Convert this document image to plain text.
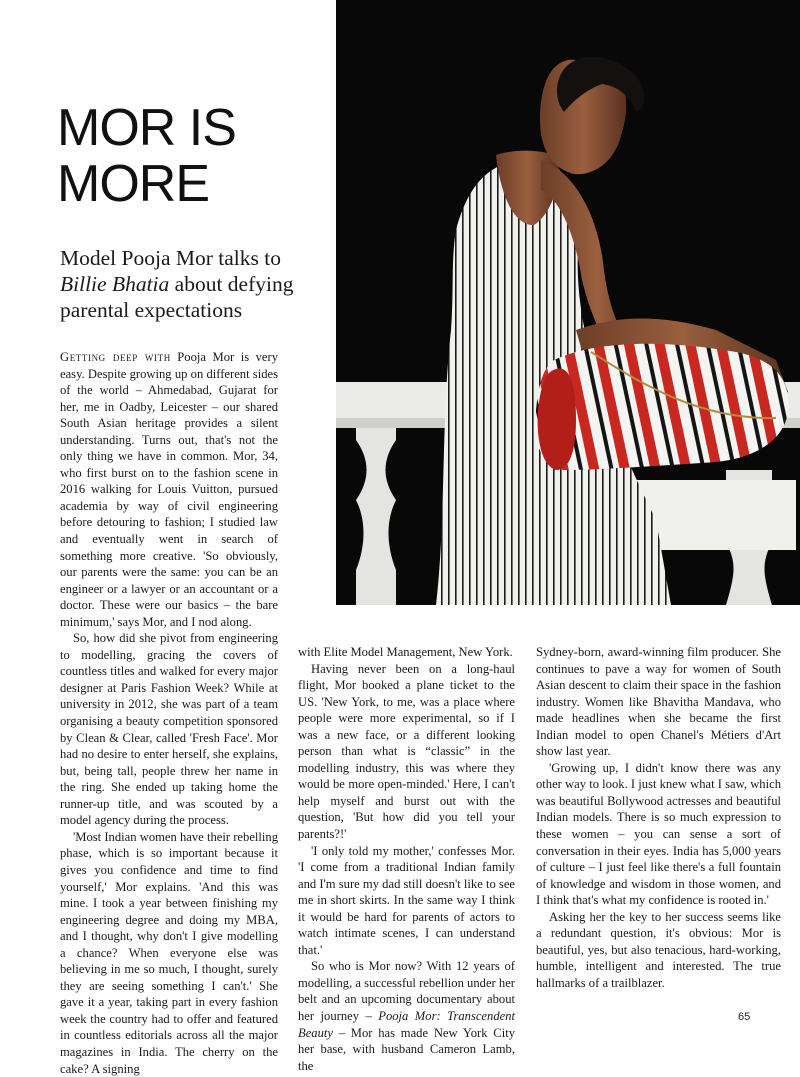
MOR IS
MORE
Model Pooja Mor talks to Billie Bhatia about defying parental expectations

Getting deep with Pooja Mor is very easy. Despite growing up on different sides of the world – Ahmedabad, Gujarat for her, me in Oadby, Leicester – our shared South Asian heritage provides a silent understanding. Turns out, that's not the only thing we have in common. Mor, 34, who first burst on to the fashion scene in 2016 walking for Louis Vuitton, pursued academia by way of civil engineering before detouring to fashion; I studied law and eventually went in search of something more creative. 'So obviously, our parents were the same: you can be an engineer or a lawyer or an accountant or a doctor. These were our basics – the bare minimum,' says Mor, and I nod along.

So, how did she pivot from engineering to modelling, gracing the covers of countless titles and walked for every major designer at Paris Fashion Week? While at university in 2012, she was part of a team organising a beauty competition sponsored by Clean & Clear, called 'Fresh Face'. Mor had no desire to enter herself, she explains, but, being tall, people threw her name in the ring. She ended up taking home the runner-up title, and was scouted by a model agency during the process.

'Most Indian women have their rebelling phase, which is so important because it gives you confidence and time to find yourself,' Mor explains. 'And this was mine. I took a year between finishing my engineering degree and doing my MBA, and I thought, why don't I give modelling a chance? When everyone else was believing in me so much, I thought, surely they are seeing something I can't.' She gave it a year, taking part in every fashion week the country had to offer and featured in countless editorials across all the major magazines in India. The cherry on the cake? A signing

with Elite Model Management, New York.

Having never been on a long-haul flight, Mor booked a plane ticket to the US. 'New York, to me, was a place where people were more experimental, so if I was a new face, or a different looking person than what is “classic” in the modelling industry, this was where they would be more open-minded.' Here, I can't help myself and burst out with the question, 'But how did you tell your parents?!'

'I only told my mother,' confesses Mor. 'I come from a traditional Indian family and I'm sure my dad still doesn't like to see me in short skirts. In the same way I think it would be hard for parents of actors to watch intimate scenes, I can understand that.'

So who is Mor now? With 12 years of modelling, a successful rebellion under her belt and an upcoming documentary about her journey – Pooja Mor: Transcendent Beauty – Mor has made New York City her base, with husband Cameron Lamb, the

Sydney-born, award-winning film producer. She continues to pave a way for women of South Asian descent to claim their space in the fashion industry. Women like Bhavitha Mandava, who made headlines when she became the first Indian model to open Chanel's Métiers d'Art show last year.

'Growing up, I didn't know there was any other way to look. I just knew what I saw, which was beautiful Bollywood actresses and beautiful Indian models. There is so much expression to these women – you can sense a sort of conversation in their eyes. India has 5,000 years of culture – I just feel like there's a full fountain of knowledge and wisdom in those women, and I think that's what my confidence is rooted in.'

Asking her the key to her success seems like a redundant question, it's obvious: Mor is beautiful, yes, but also tenacious, hard-working, humble, intelligent and interested. The true hallmarks of a trailblazer.

65
